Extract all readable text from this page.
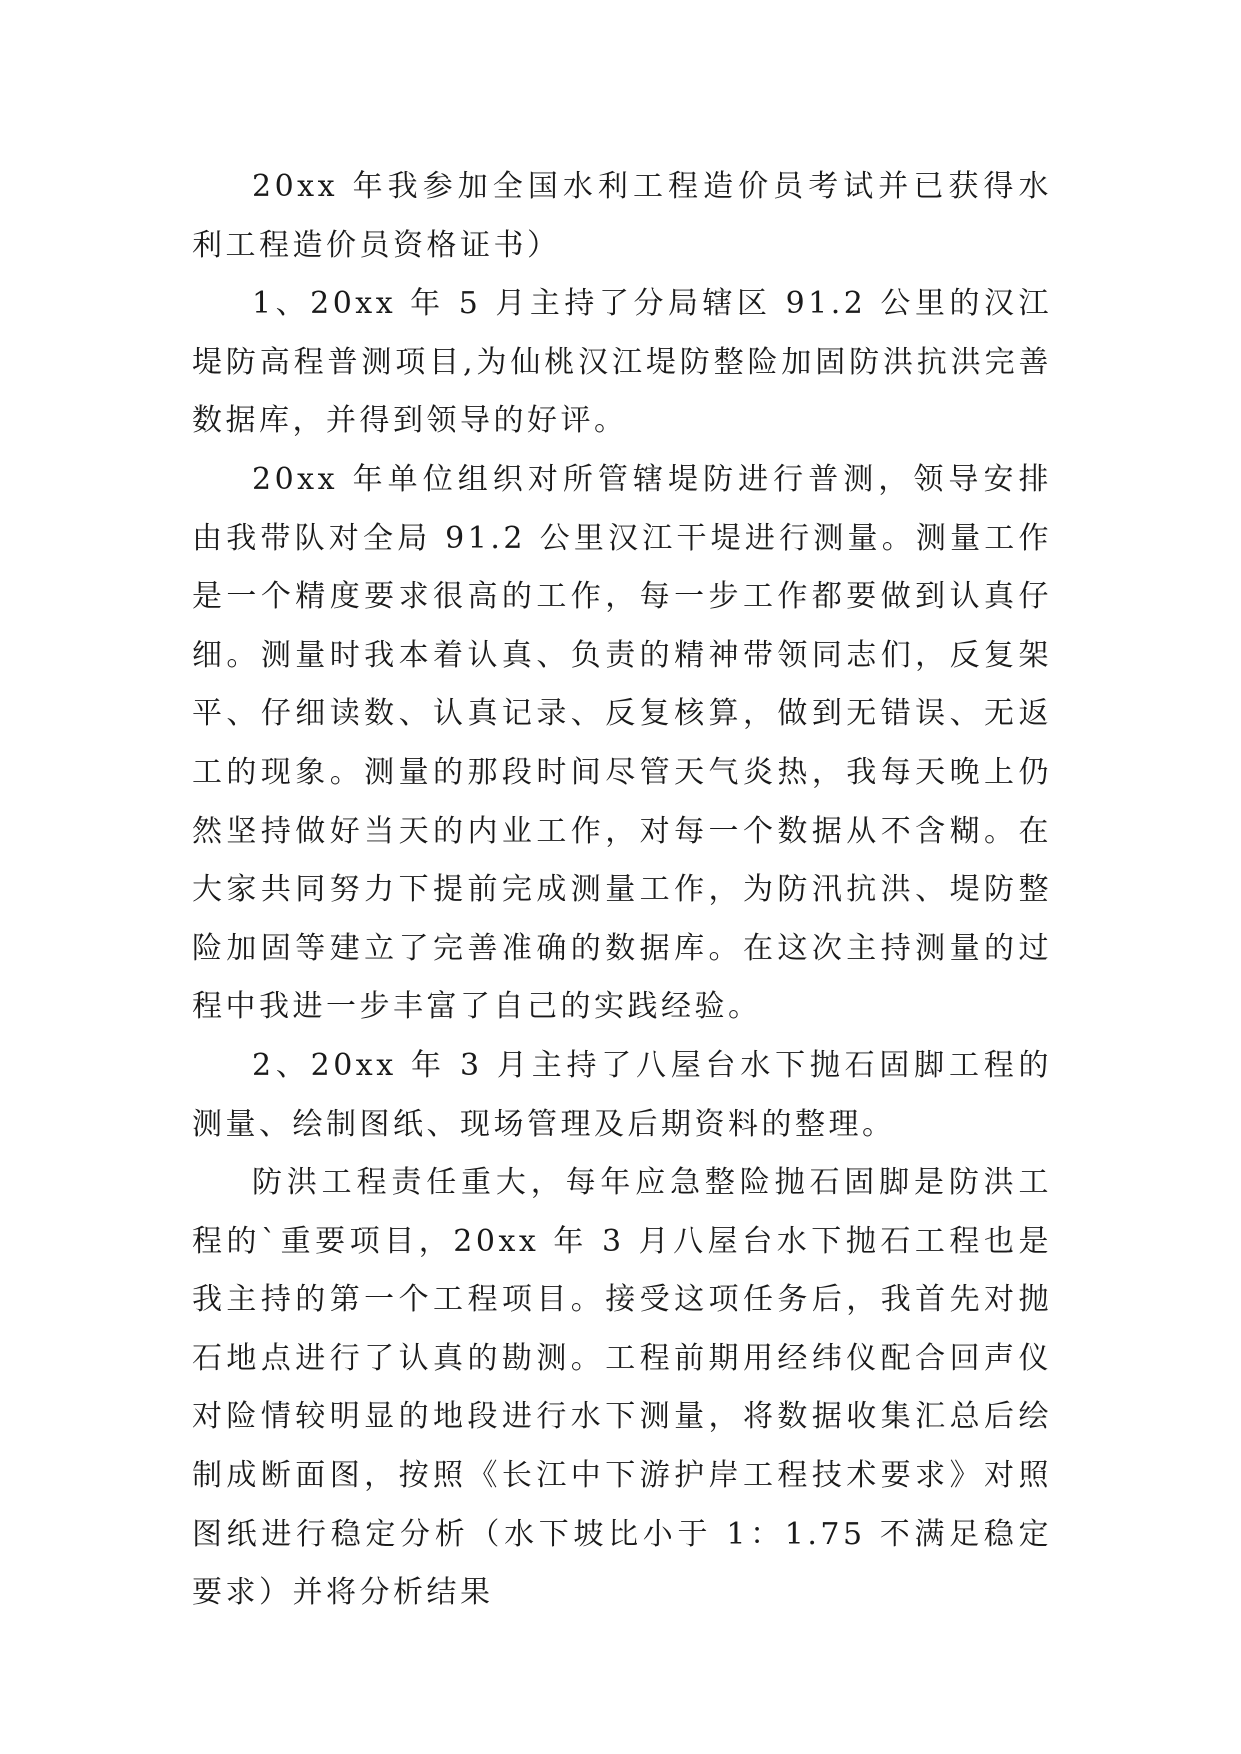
20xx 年我参加全国水利工程造价员考试并已获得水利工程造价员资格证书）

1、20xx 年 5 月主持了分局辖区 91.2 公里的汉江堤防高程普测项目,为仙桃汉江堤防整险加固防洪抗洪完善数据库，并得到领导的好评。

20xx 年单位组织对所管辖堤防进行普测，领导安排由我带队对全局 91.2 公里汉江干堤进行测量。测量工作是一个精度要求很高的工作，每一步工作都要做到认真仔细。测量时我本着认真、负责的精神带领同志们，反复架平、仔细读数、认真记录、反复核算，做到无错误、无返工的现象。测量的那段时间尽管天气炎热，我每天晚上仍然坚持做好当天的内业工作，对每一个数据从不含糊。在大家共同努力下提前完成测量工作，为防汛抗洪、堤防整险加固等建立了完善准确的数据库。在这次主持测量的过程中我进一步丰富了自己的实践经验。

2、20xx 年 3 月主持了八屋台水下抛石固脚工程的测量、绘制图纸、现场管理及后期资料的整理。

防洪工程责任重大，每年应急整险抛石固脚是防洪工程的`重要项目，20xx 年 3 月八屋台水下抛石工程也是我主持的第一个工程项目。接受这项任务后，我首先对抛石地点进行了认真的勘测。工程前期用经纬仪配合回声仪对险情较明显的地段进行水下测量，将数据收集汇总后绘制成断面图，按照《长江中下游护岸工程技术要求》对照图纸进行稳定分析（水下坡比小于 1：1.75 不满足稳定要求）并将分析结果
